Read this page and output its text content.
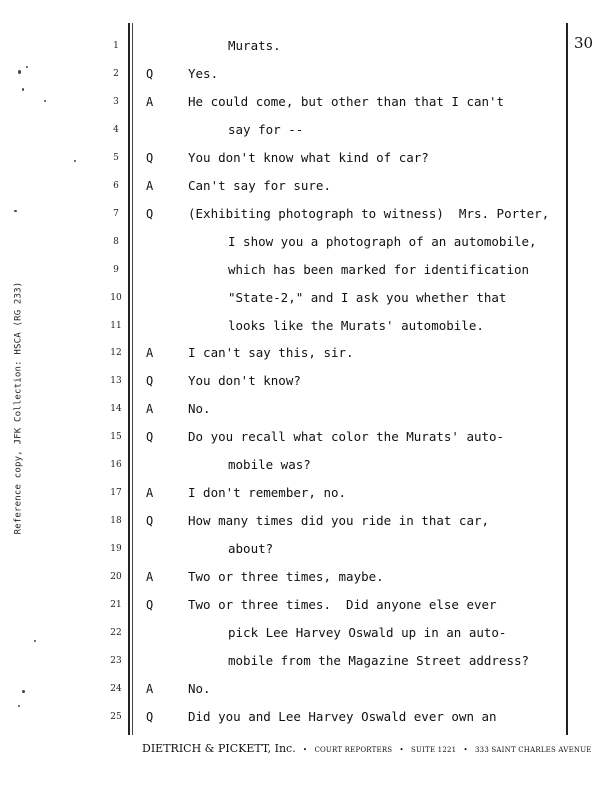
Reference copy, JFK Collection: HSCA (RG 233)
30
1	Murats.
2	Q	Yes.
3	A	He could come, but other than that I can't
4	say for --
5	Q	You don't know what kind of car?
6	A	Can't say for sure.
7	Q	(Exhibiting photograph to witness)  Mrs. Porter,
8	I show you a photograph of an automobile,
9	which has been marked for identification
10	"State-2," and I ask you whether that
11	looks like the Murats' automobile.
12	A	I can't say this, sir.
13	Q	You don't know?
14	A	No.
15	Q	Do you recall what color the Murats' auto-
16	mobile was?
17	A	I don't remember, no.
18	Q	How many times did you ride in that car,
19	about?
20	A	Two or three times, maybe.
21	Q	Two or three times.  Did anyone else ever
22	pick Lee Harvey Oswald up in an auto-
23	mobile from the Magazine Street address?
24	A	No.
25	Q	Did you and Lee Harvey Oswald ever own an
DIETRICH & PICKETT, Inc. • COURT REPORTERS • SUITE 1221 • 333 SAINT CHARLES AVENUE
